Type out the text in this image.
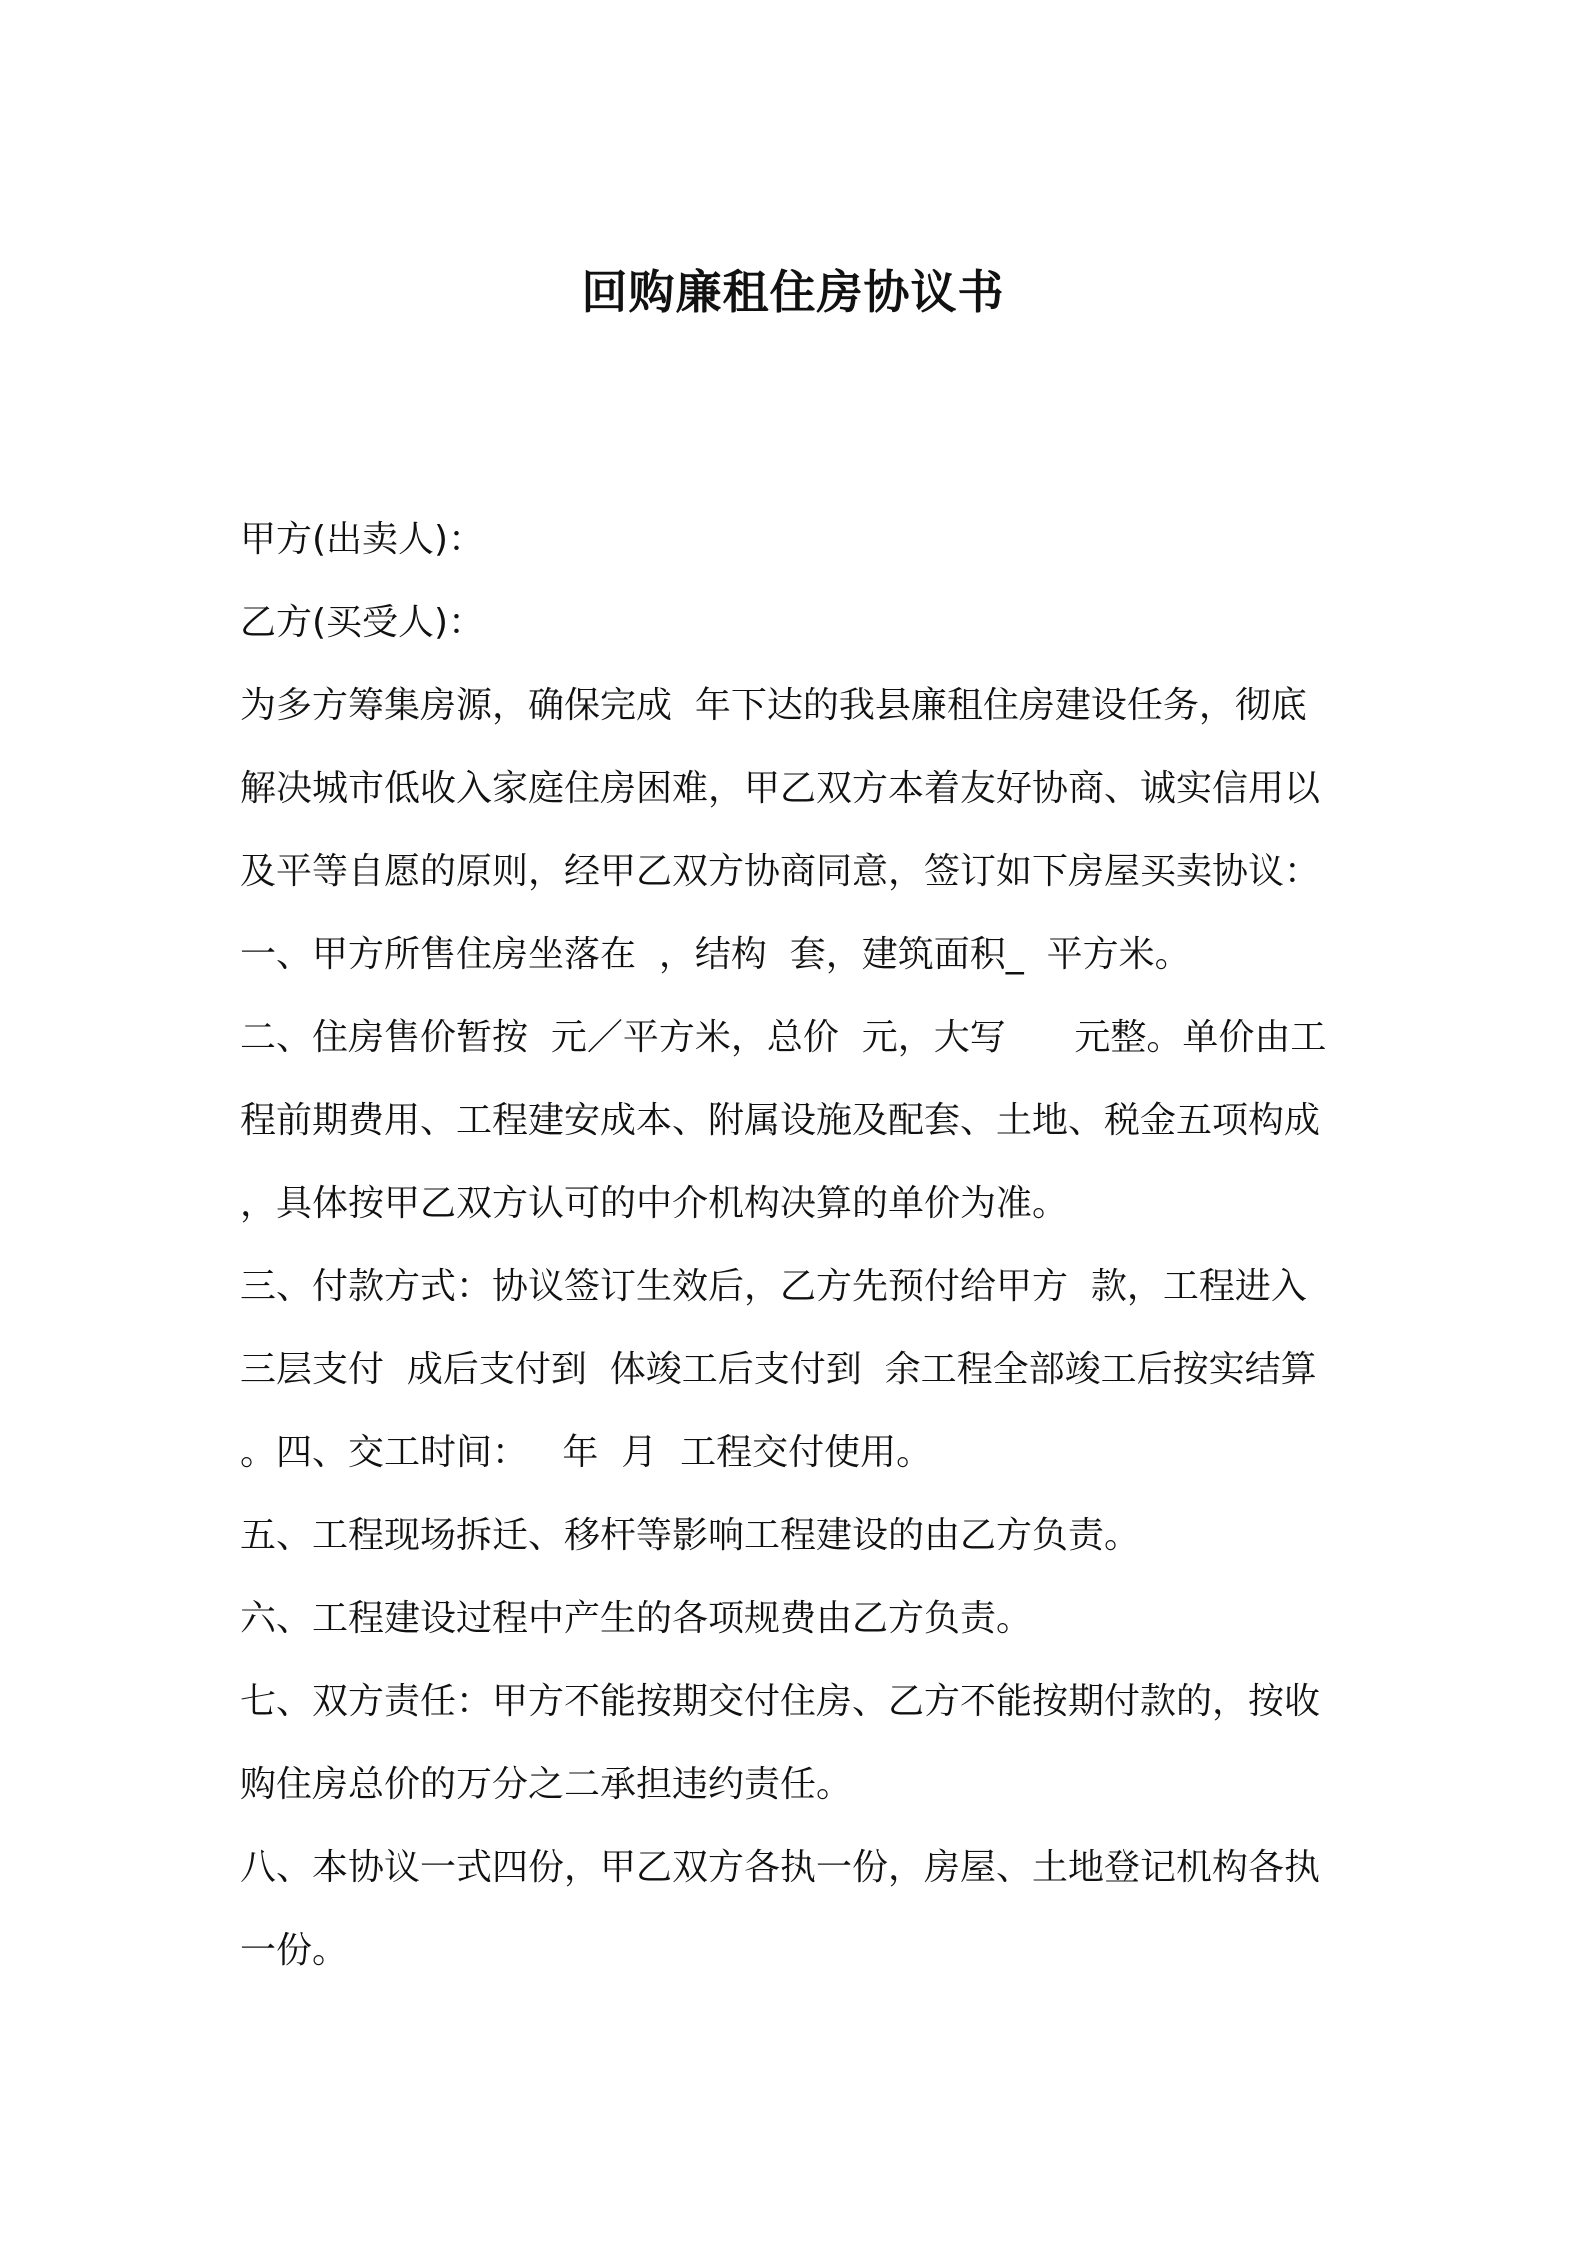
回购廉租住房协议书
甲方(出卖人)：
乙方(买受人)：
为多方筹集房源，确保完成  年下达的我县廉租住房建设任务，彻底
解决城市低收入家庭住房困难，甲乙双方本着友好协商、诚实信用以
及平等自愿的原则，经甲乙双方协商同意，签订如下房屋买卖协议：
一、甲方所售住房坐落在  ，结构  套，建筑面积_  平方米。
二、住房售价暂按  元／平方米，总价  元，大写      元整。单价由工
程前期费用、工程建安成本、附属设施及配套、土地、税金五项构成
，具体按甲乙双方认可的中介机构决算的单价为准。
三、付款方式：协议签订生效后，乙方先预付给甲方  款，工程进入
三层支付  成后支付到  体竣工后支付到  余工程全部竣工后按实结算
。四、交工时间：   年  月  工程交付使用。
五、工程现场拆迁、移杆等影响工程建设的由乙方负责。
六、工程建设过程中产生的各项规费由乙方负责。
七、双方责任：甲方不能按期交付住房、乙方不能按期付款的，按收
购住房总价的万分之二承担违约责任。
八、本协议一式四份，甲乙双方各执一份，房屋、土地登记机构各执
一份。
